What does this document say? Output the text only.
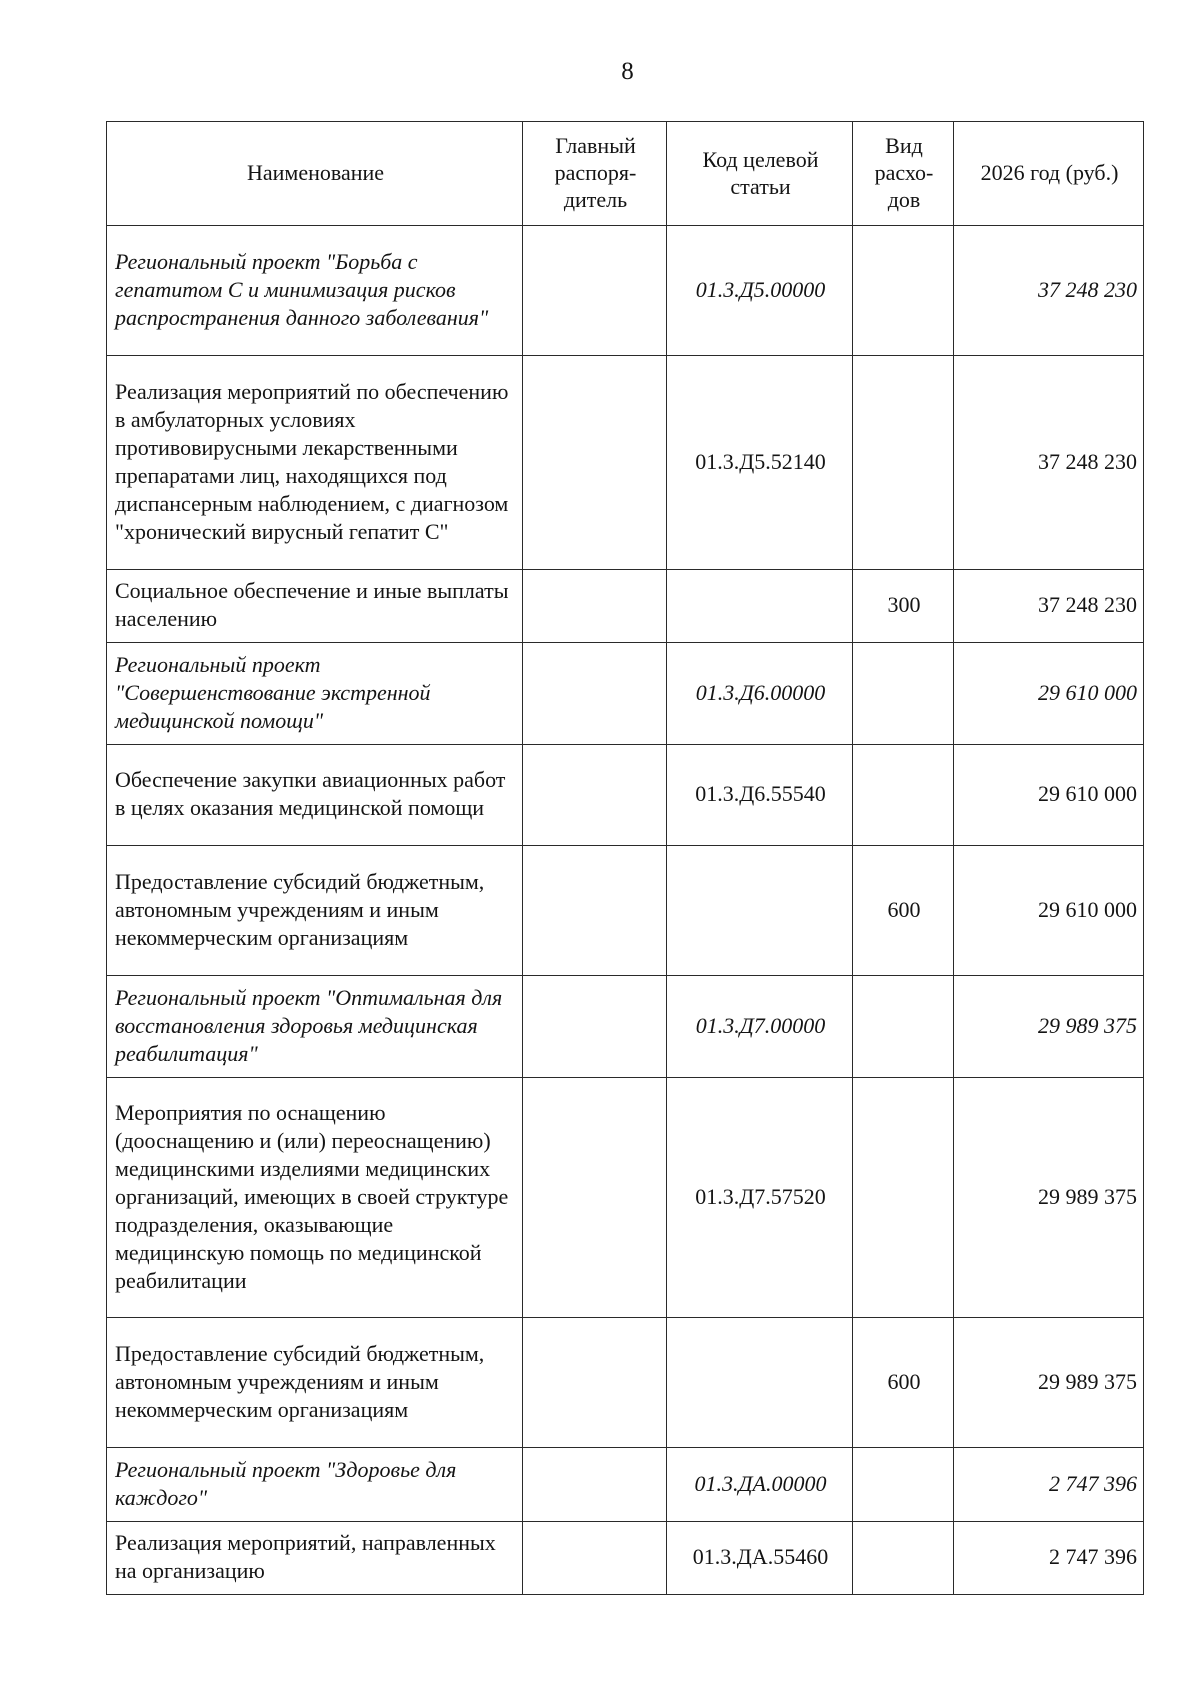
8
Наименование	Главный распоря-дитель	Код целевой статьи	Вид расхо-дов	2026 год (руб.)
Региональный проект "Борьба с гепатитом С и минимизация рисков распространения данного заболевания"		01.3.Д5.00000		37 248 230
Реализация мероприятий по обеспечению в амбулаторных условиях противовирусными лекарственными препаратами лиц, находящихся под диспансерным наблюдением, с диагнозом "хронический вирусный гепатит С"		01.3.Д5.52140		37 248 230
Социальное обеспечение и иные выплаты населению			300	37 248 230
Региональный проект "Совершенствование экстренной медицинской помощи"		01.3.Д6.00000		29 610 000
Обеспечение закупки авиационных работ в целях оказания медицинской помощи		01.3.Д6.55540		29 610 000
Предоставление субсидий бюджетным, автономным учреждениям и иным некоммерческим организациям			600	29 610 000
Региональный проект "Оптимальная для восстановления здоровья медицинская реабилитация"		01.3.Д7.00000		29 989 375
Мероприятия по оснащению (дооснащению и (или) переоснащению) медицинскими изделиями медицинских организаций, имеющих в своей структуре подразделения, оказывающие медицинскую помощь по медицинской реабилитации		01.3.Д7.57520		29 989 375
Предоставление субсидий бюджетным, автономным учреждениям и иным некоммерческим организациям			600	29 989 375
Региональный проект "Здоровье для каждого"		01.3.ДА.00000		2 747 396
Реализация мероприятий, направленных на организацию		01.3.ДА.55460		2 747 396
